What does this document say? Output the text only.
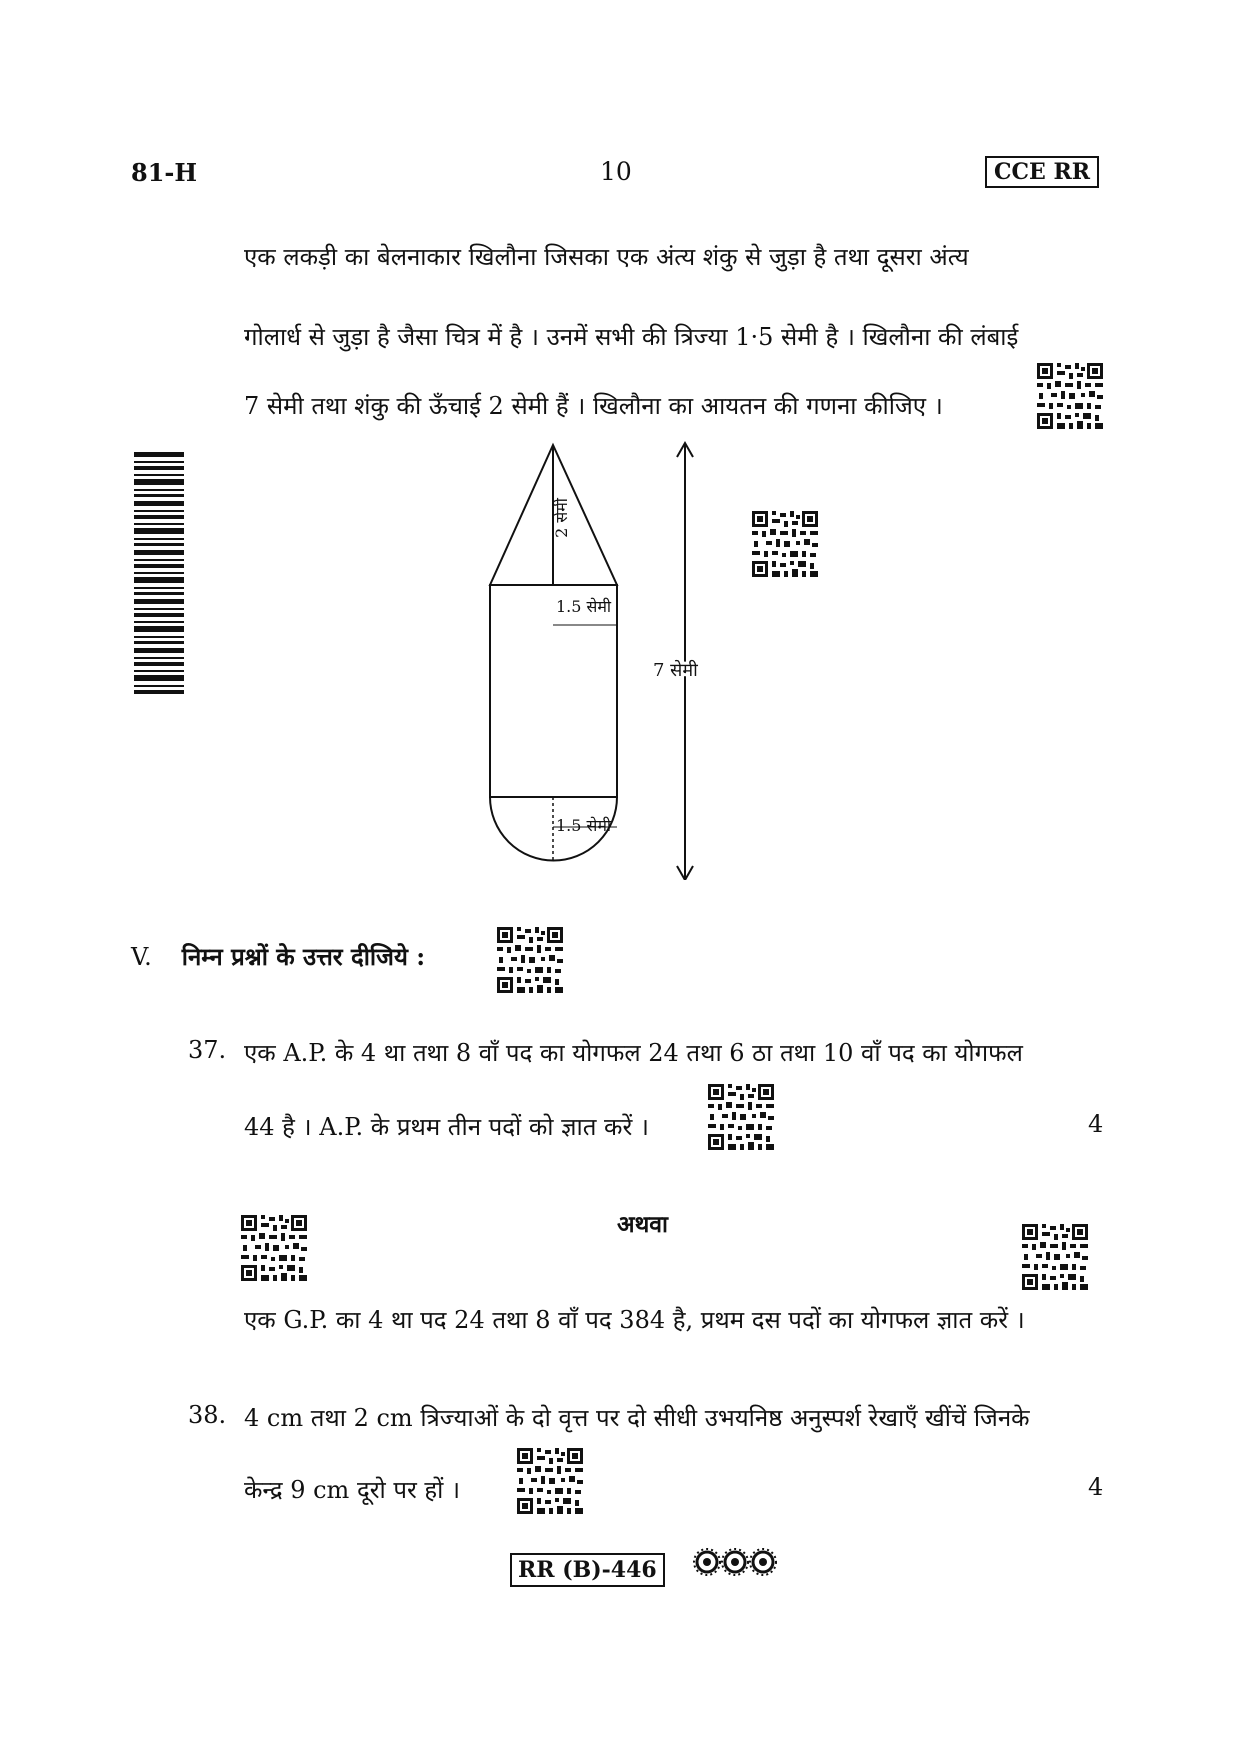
81-H	10	CCE RR
एक लकड़ी का बेलनाकार खिलौना जिसका एक अंत्य शंकु से जुड़ा है तथा दूसरा अंत्य
गोलार्ध से जुड़ा है जैसा चित्र में है । उनमें सभी की त्रिज्या 1·5 सेमी है । खिलौना की लंबाई
7 सेमी तथा शंकु की ऊँचाई 2 सेमी हैं । खिलौना का आयतन की गणना कीजिए ।
2 सेमी
1.5 सेमी
1.5 सेमी
7 सेमी
V. निम्न प्रश्नों के उत्तर दीजिये :
37. एक A.P. के 4 था तथा 8 वाँ पद का योगफल 24 तथा 6 ठा तथा 10 वाँ पद का योगफल
44 है । A.P. के प्रथम तीन पदों को ज्ञात करें ।	4
अथवा
एक G.P. का 4 था पद 24 तथा 8 वाँ पद 384 है, प्रथम दस पदों का योगफल ज्ञात करें ।
38. 4 cm तथा 2 cm त्रिज्याओं के दो वृत्त पर दो सीधी उभयनिष्ठ अनुस्पर्श रेखाएँ खींचें जिनके
केन्द्र 9 cm दूरो पर हों ।	4
RR (B)-446
